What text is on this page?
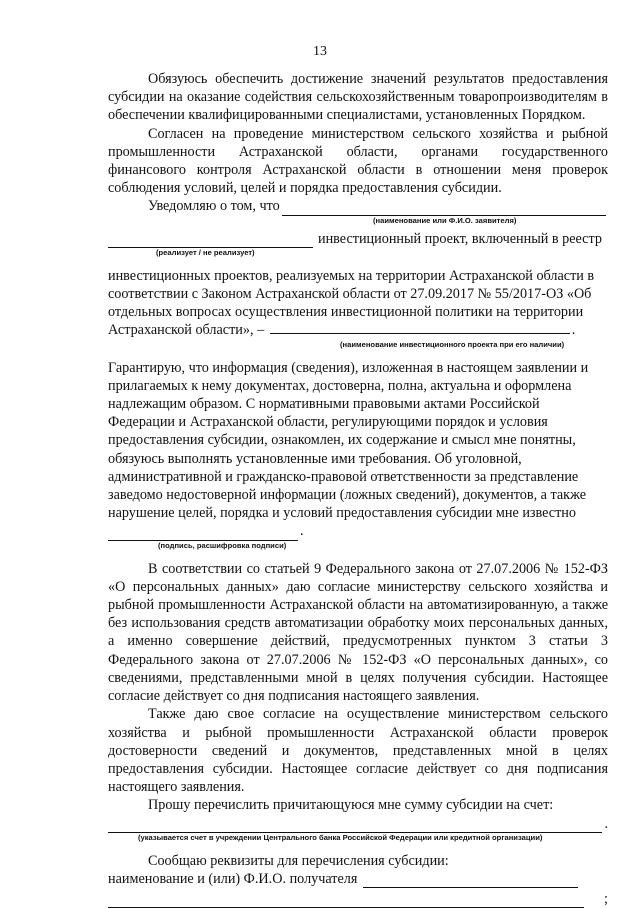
13

Обязуюсь обеспечить достижение значений результатов предоставления субсидии на оказание содействия сельскохозяйственным товаропроизводителям в обеспечении квалифицированными специалистами, установленных Порядком.

Согласен на проведение министерством сельского хозяйства и рыбной промышленности Астраханской области, органами государственного финансового контроля Астраханской области в отношении меня проверок соблюдения условий, целей и порядка предоставления субсидии.

Уведомляю о том, что
(наименование или Ф.И.О. заявителя)
инвестиционный проект, включенный в реестр
(реализует / не реализует)

инвестиционных проектов, реализуемых на территории Астраханской области в соответствии с Законом Астраханской области от 27.09.2017 № 55/2017-ОЗ «Об отдельных вопросах осуществления инвестиционной политики на территории Астраханской области», –	.
(наименование инвестиционного проекта при его наличии)

Гарантирую, что информация (сведения), изложенная в настоящем заявлении и прилагаемых к нему документах, достоверна, полна, актуальна и оформлена надлежащим образом. С нормативными правовыми актами Российской Федерации и Астраханской области, регулирующими порядок и условия предоставления субсидии, ознакомлен, их содержание и смысл мне понятны, обязуюсь выполнять установленные ими требования. Об уголовной, административной и гражданско-правовой ответственности за представление заведомо недостоверной информации (ложных сведений), документов, а также нарушение целей, порядка и условий предоставления субсидии мне известно

.
(подпись, расшифровка подписи)

В соответствии со статьей 9 Федерального закона от 27.07.2006 № 152-ФЗ «О персональных данных» даю согласие министерству сельского хозяйства и рыбной промышленности Астраханской области на автоматизированную, а также без использования средств автоматизации обработку моих персональных данных, а именно совершение действий, предусмотренных пунктом 3 статьи 3 Федерального закона от 27.07.2006 № 152-ФЗ «О персональных данных», со сведениями, представленными мной в целях получения субсидии. Настоящее согласие действует со дня подписания настоящего заявления.

Также даю свое согласие на осуществление министерством сельского хозяйства и рыбной промышленности Астраханской области проверок достоверности сведений и документов, представленных мной в целях предоставления субсидии. Настоящее согласие действует со дня подписания настоящего заявления.

Прошу перечислить причитающуюся мне сумму субсидии на счет:

.
(указывается счет в учреждении Центрального банка Российской Федерации или кредитной организации)

Сообщаю реквизиты для перечисления субсидии:

наименование и (или) Ф.И.О. получателя
;
